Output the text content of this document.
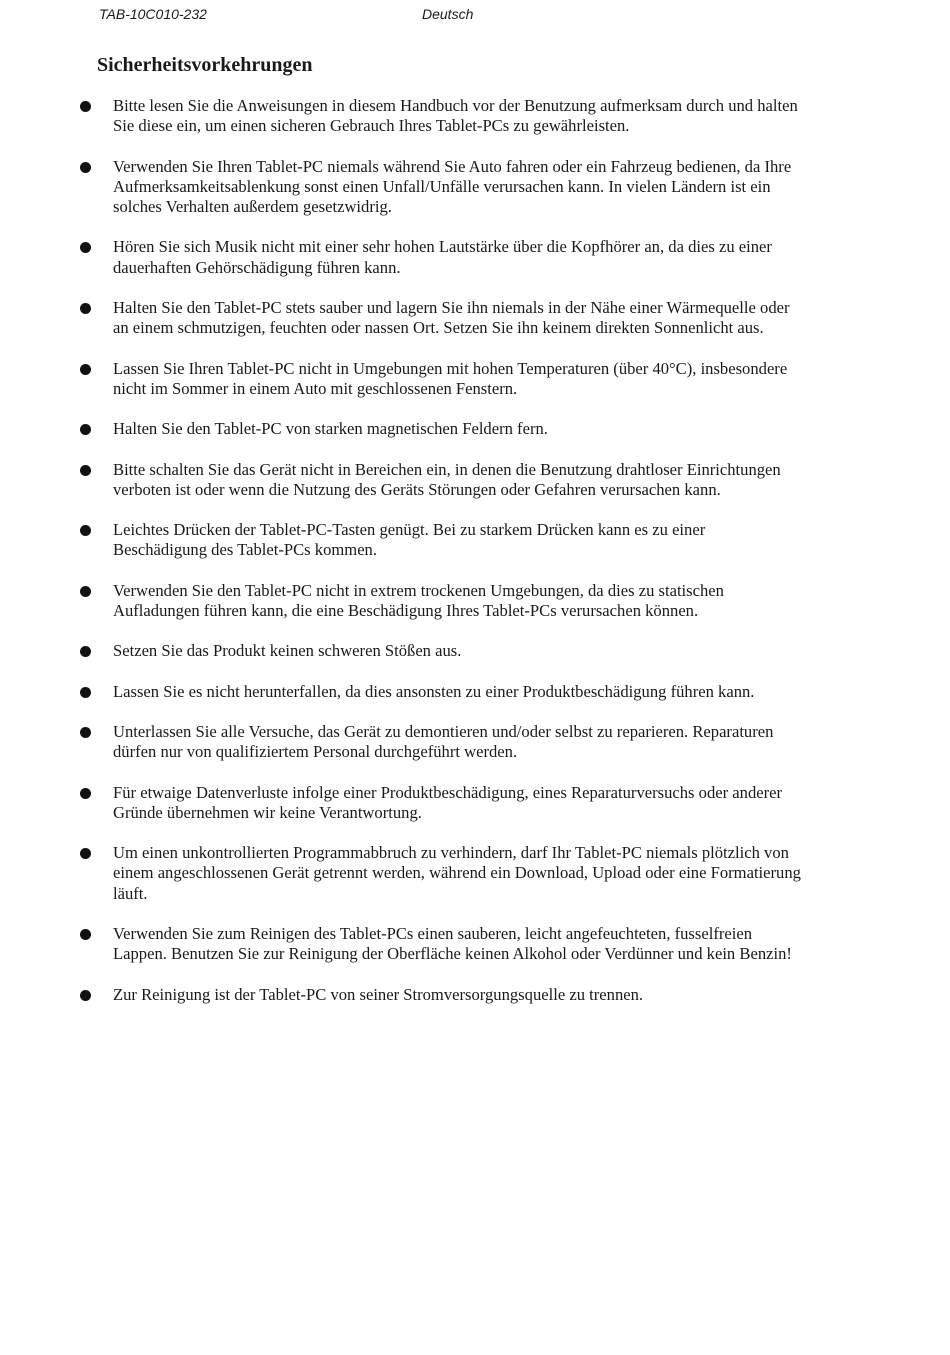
TAB-10C010-232	Deutsch
Sicherheitsvorkehrungen
Bitte lesen Sie die Anweisungen in diesem Handbuch vor der Benutzung aufmerksam durch und halten Sie diese ein, um einen sicheren Gebrauch Ihres Tablet-PCs zu gewährleisten.
Verwenden Sie Ihren Tablet-PC niemals während Sie Auto fahren oder ein Fahrzeug bedienen, da Ihre Aufmerksamkeitsablenkung sonst einen Unfall/Unfälle verursachen kann. In vielen Ländern ist ein solches Verhalten außerdem gesetzwidrig.
Hören Sie sich Musik nicht mit einer sehr hohen Lautstärke über die Kopfhörer an, da dies zu einer dauerhaften Gehörschädigung führen kann.
Halten Sie den Tablet-PC stets sauber und lagern Sie ihn niemals in der Nähe einer Wärmequelle oder an einem schmutzigen, feuchten oder nassen Ort. Setzen Sie ihn keinem direkten Sonnenlicht aus.
Lassen Sie Ihren Tablet-PC nicht in Umgebungen mit hohen Temperaturen (über 40°C), insbesondere nicht im Sommer in einem Auto mit geschlossenen Fenstern.
Halten Sie den Tablet-PC von starken magnetischen Feldern fern.
Bitte schalten Sie das Gerät nicht in Bereichen ein, in denen die Benutzung drahtloser Einrichtungen verboten ist oder wenn die Nutzung des Geräts Störungen oder Gefahren verursachen kann.
Leichtes Drücken der Tablet-PC-Tasten genügt. Bei zu starkem Drücken kann es zu einer Beschädigung des Tablet-PCs kommen.
Verwenden Sie den Tablet-PC nicht in extrem trockenen Umgebungen, da dies zu statischen Aufladungen führen kann, die eine Beschädigung Ihres Tablet-PCs verursachen können.
Setzen Sie das Produkt keinen schweren Stößen aus.
Lassen Sie es nicht herunterfallen, da dies ansonsten zu einer Produktbeschädigung führen kann.
Unterlassen Sie alle Versuche, das Gerät zu demontieren und/oder selbst zu reparieren. Reparaturen dürfen nur von qualifiziertem Personal durchgeführt werden.
Für etwaige Datenverluste infolge einer Produktbeschädigung, eines Reparaturversuchs oder anderer Gründe übernehmen wir keine Verantwortung.
Um einen unkontrollierten Programmabbruch zu verhindern, darf Ihr Tablet-PC niemals plötzlich von einem angeschlossenen Gerät getrennt werden, während ein Download, Upload oder eine Formatierung läuft.
Verwenden Sie zum Reinigen des Tablet-PCs einen sauberen, leicht angefeuchteten, fusselfreien Lappen. Benutzen Sie zur Reinigung der Oberfläche keinen Alkohol oder Verdünner und kein Benzin!
Zur Reinigung ist der Tablet-PC von seiner Stromversorgungsquelle zu trennen.
